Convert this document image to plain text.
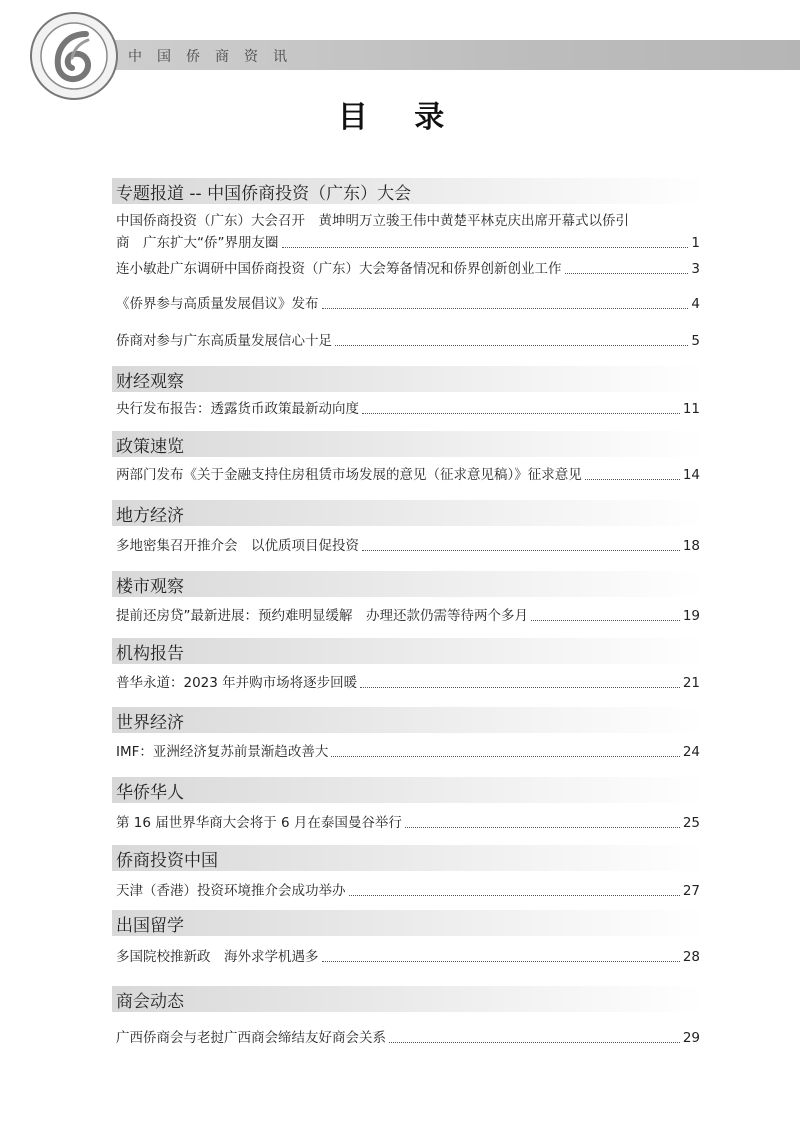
中国侨商资讯
目 录
专题报道 -- 中国侨商投资（广东）大会
中国侨商投资（广东）大会召开　黄坤明万立骏王伟中黄楚平林克庆出席开幕式以侨引
商　广东扩大“侨”界朋友圈	1
连小敏赴广东调研中国侨商投资（广东）大会筹备情况和侨界创新创业工作	3
《侨界参与高质量发展倡议》发布	4
侨商对参与广东高质量发展信心十足	5
财经观察
央行发布报告：透露货币政策最新动向度	11
政策速览
两部门发布《关于金融支持住房租赁市场发展的意见（征求意见稿）》征求意见	14
地方经济
多地密集召开推介会　以优质项目促投资	18
楼市观察
提前还房贷”最新进展：预约难明显缓解　办理还款仍需等待两个多月	19
机构报告
普华永道：2023 年并购市场将逐步回暖	21
世界经济
IMF：亚洲经济复苏前景渐趋改善大	24
华侨华人
第 16 届世界华商大会将于 6 月在泰国曼谷举行	25
侨商投资中国
天津（香港）投资环境推介会成功举办	27
出国留学
多国院校推新政　海外求学机遇多	28
商会动态
广西侨商会与老挝广西商会缔结友好商会关系	29
